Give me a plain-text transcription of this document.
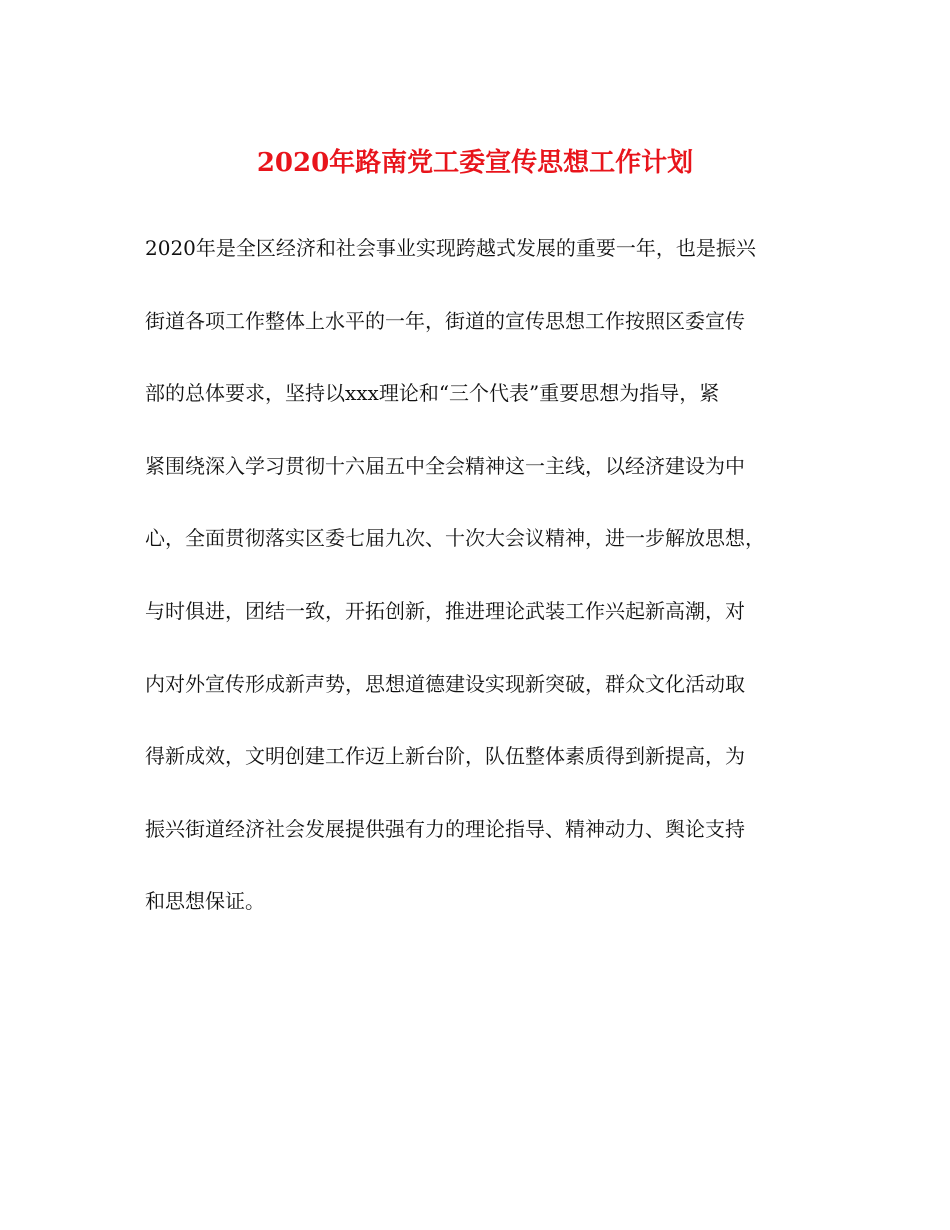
2020年路南党工委宣传思想工作计划
2020年是全区经济和社会事业实现跨越式发展的重要一年，也是振兴
街道各项工作整体上水平的一年，街道的宣传思想工作按照区委宣传
部的总体要求，坚持以xxx理论和“三个代表”重要思想为指导，紧
紧围绕深入学习贯彻十六届五中全会精神这一主线，以经济建设为中
心，全面贯彻落实区委七届九次、十次大会议精神，进一步解放思想，
与时俱进，团结一致，开拓创新，推进理论武装工作兴起新高潮，对
内对外宣传形成新声势，思想道德建设实现新突破，群众文化活动取
得新成效，文明创建工作迈上新台阶，队伍整体素质得到新提高，为
振兴街道经济社会发展提供强有力的理论指导、精神动力、舆论支持
和思想保证。
